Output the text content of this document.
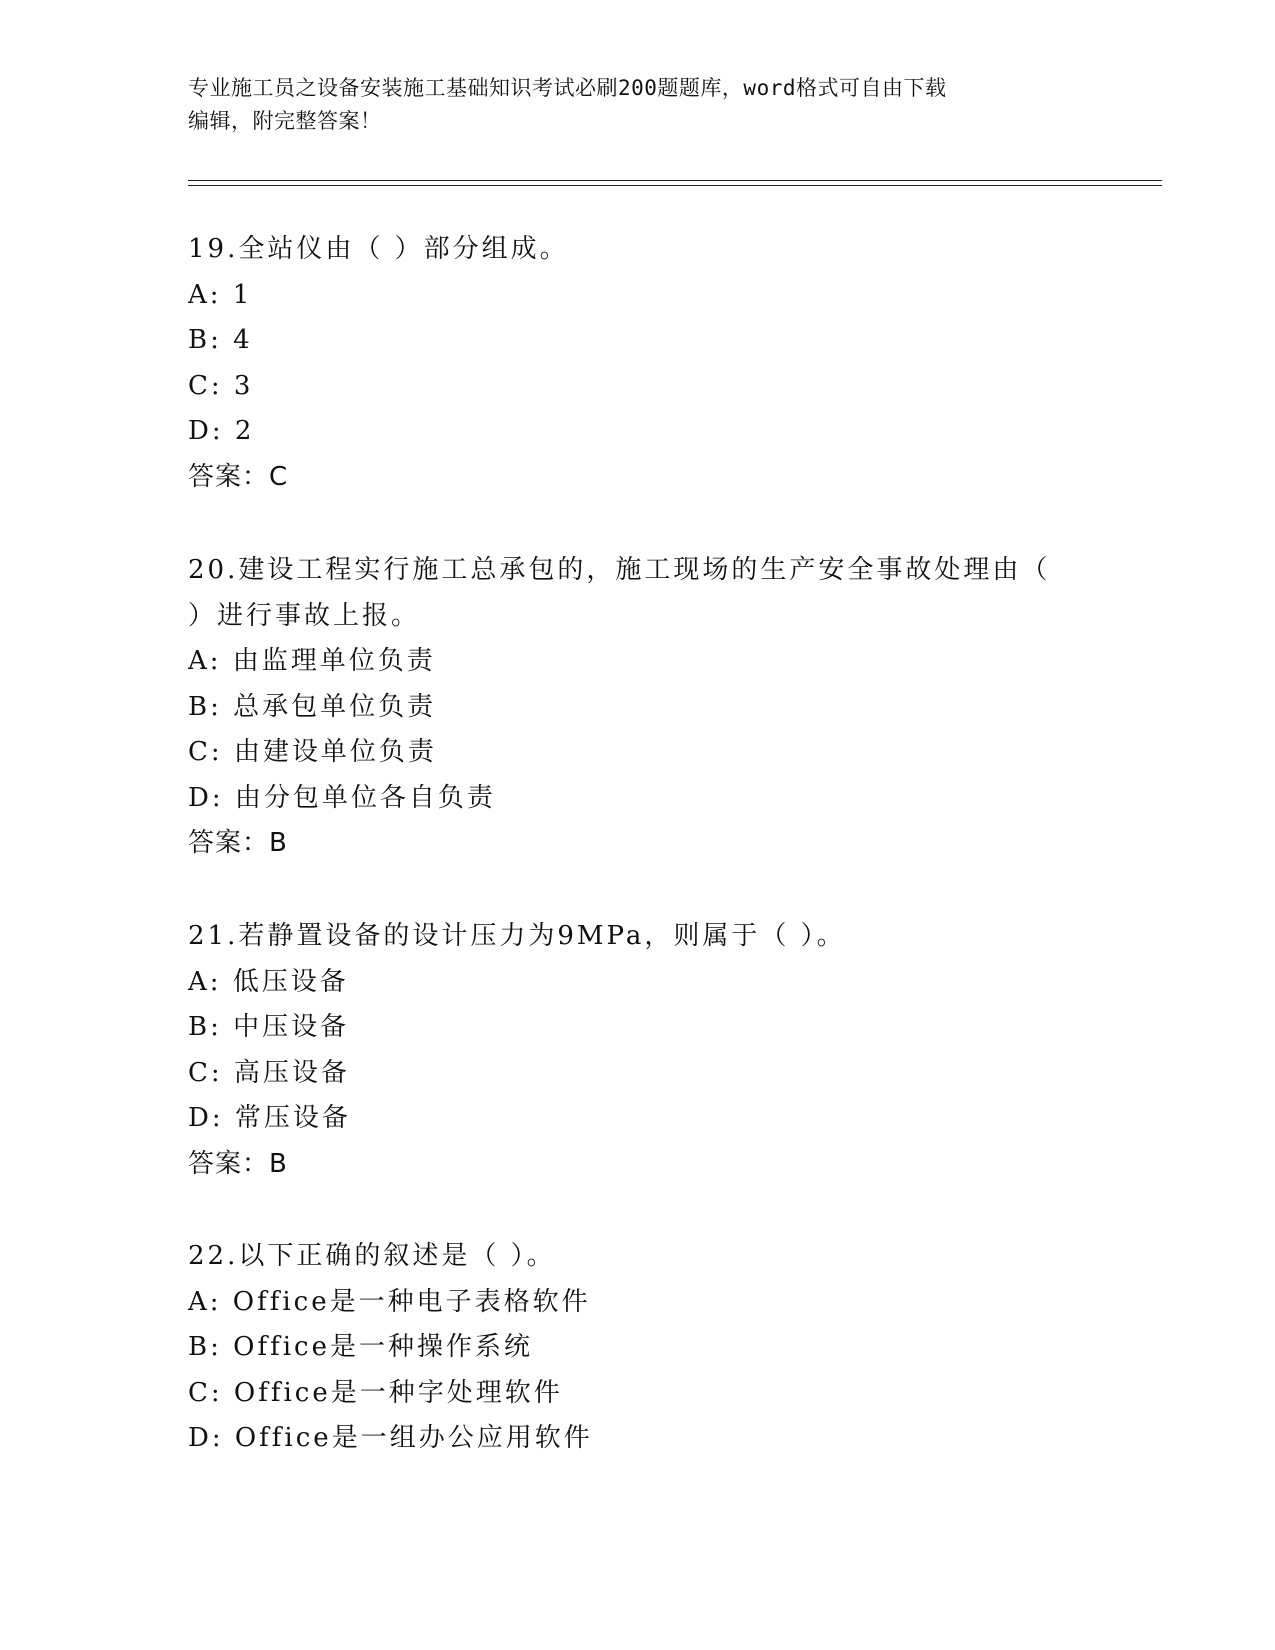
专业施工员之设备安装施工基础知识考试必刷200题题库，word格式可自由下载
编辑，附完整答案！
19.全站仪由（ ）部分组成。
A: 1
B: 4
C: 3
D: 2
答案：C
20.建设工程实行施工总承包的，施工现场的生产安全事故处理由（
）进行事故上报。
A: 由监理单位负责
B: 总承包单位负责
C: 由建设单位负责
D: 由分包单位各自负责
答案：B
21.若静置设备的设计压力为9MPa，则属于（ ）。
A: 低压设备
B: 中压设备
C: 高压设备
D: 常压设备
答案：B
22.以下正确的叙述是（ ）。
A: Office是一种电子表格软件
B: Office是一种操作系统
C: Office是一种字处理软件
D: Office是一组办公应用软件
